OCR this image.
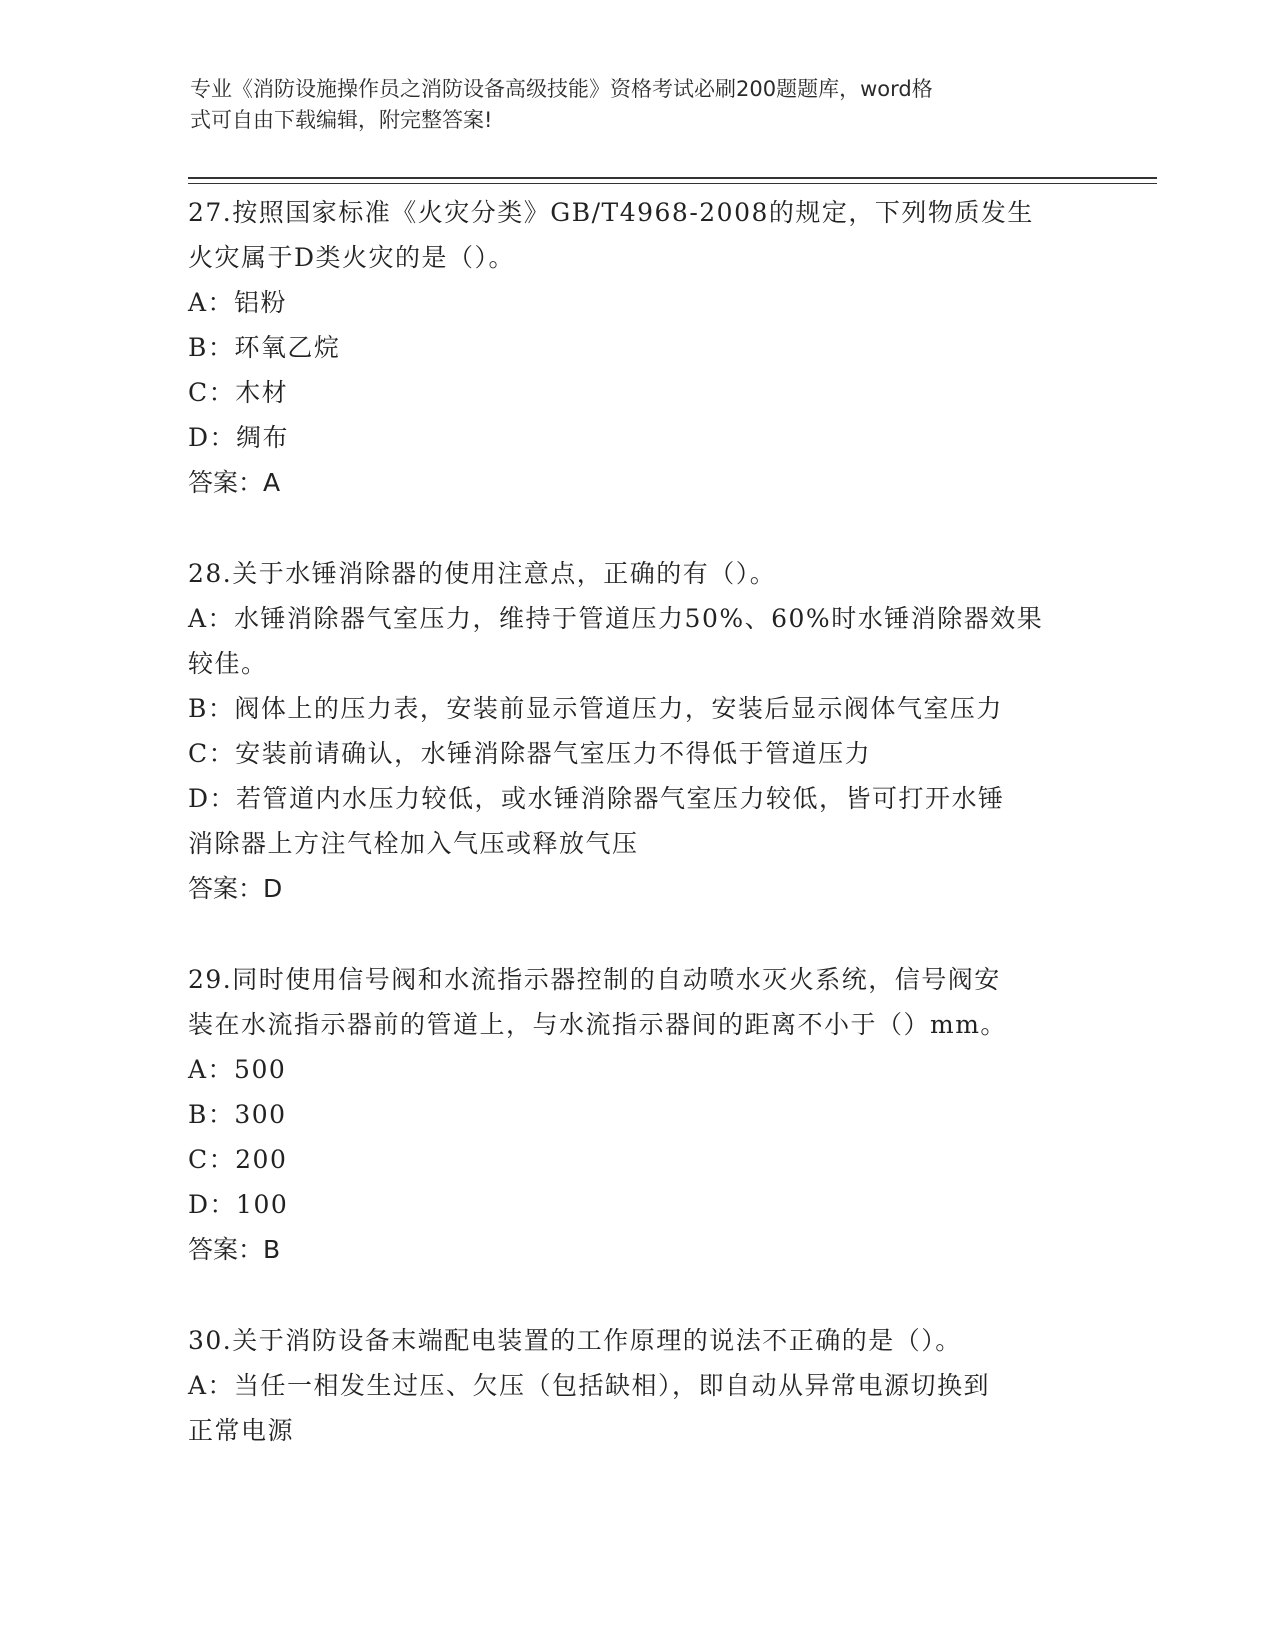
专业《消防设施操作员之消防设备高级技能》资格考试必刷200题题库，word格
式可自由下载编辑，附完整答案!

27.按照国家标准《火灾分类》GB/T4968-2008的规定，下列物质发生

火灾属于D类火灾的是（）。

A：铝粉

B：环氧乙烷

C：木材

D：绸布

答案：A

28.关于水锤消除器的使用注意点，正确的有（）。

A：水锤消除器气室压力，维持于管道压力50%、60%时水锤消除器效果

较佳。

B：阀体上的压力表，安装前显示管道压力，安装后显示阀体气室压力

C：安装前请确认，水锤消除器气室压力不得低于管道压力

D：若管道内水压力较低，或水锤消除器气室压力较低，皆可打开水锤

消除器上方注气栓加入气压或释放气压

答案：D

29.同时使用信号阀和水流指示器控制的自动喷水灭火系统，信号阀安

装在水流指示器前的管道上，与水流指示器间的距离不小于（）mm。

A：500

B：300

C：200

D：100

答案：B

30.关于消防设备末端配电装置的工作原理的说法不正确的是（）。

A：当任一相发生过压、欠压（包括缺相），即自动从异常电源切换到

正常电源
